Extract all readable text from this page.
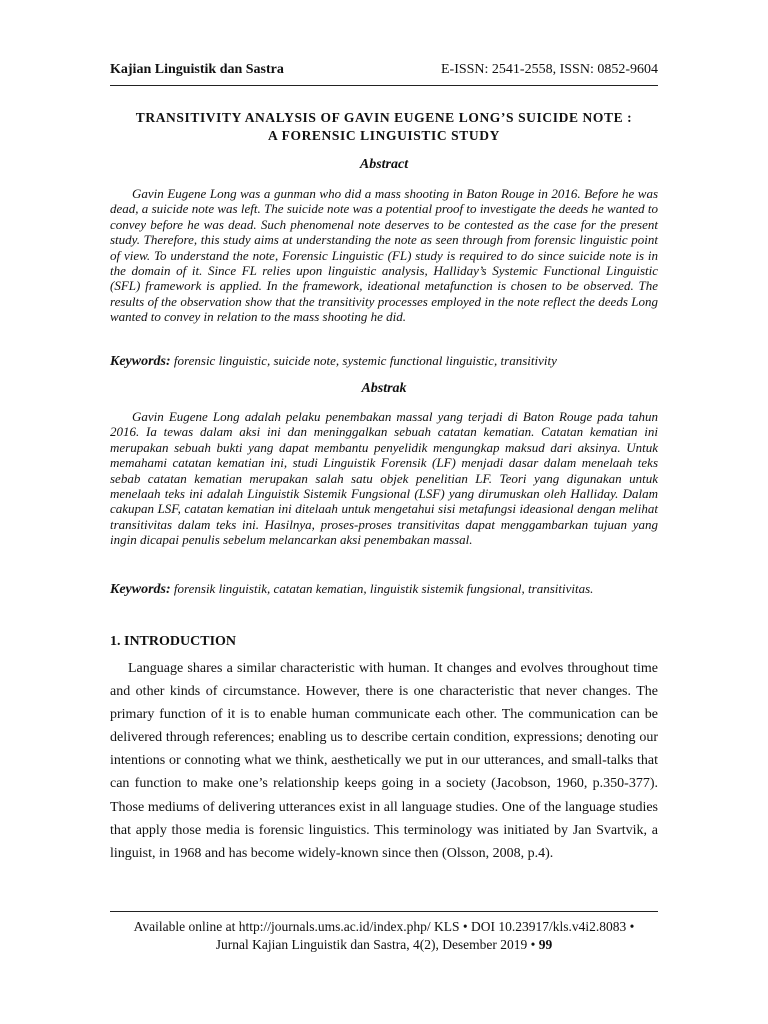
Kajian Linguistik dan Sastra	E-ISSN: 2541-2558, ISSN: 0852-9604
TRANSITIVITY ANALYSIS OF GAVIN EUGENE LONG’S SUICIDE NOTE :
A FORENSIC LINGUISTIC STUDY
Abstract

Gavin Eugene Long was a gunman who did a mass shooting in Baton Rouge in 2016. Before he was dead, a suicide note was left. The suicide note was a potential proof to investigate the deeds he wanted to convey before he was dead. Such phenomenal note deserves to be contested as the case for the present study. Therefore, this study aims at understanding the note as seen through from forensic linguistic point of view. To understand the note, Forensic Linguistic (FL) study is required to do since suicide note is in the domain of it. Since FL relies upon linguistic analysis, Halliday’s Systemic Functional Linguistic (SFL) framework is applied. In the framework, ideational metafunction is chosen to be observed. The results of the observation show that the transitivity processes employed in the note reflect the deeds Long wanted to convey in relation to the mass shooting he did.

Keywords: forensic linguistic, suicide note, systemic functional linguistic, transitivity
Abstrak

Gavin Eugene Long adalah pelaku penembakan massal yang terjadi di Baton Rouge pada tahun 2016. Ia tewas dalam aksi ini dan meninggalkan sebuah catatan kematian. Catatan kematian ini merupakan sebuah bukti yang dapat membantu penyelidik mengungkap maksud dari aksinya. Untuk memahami catatan kematian ini, studi Linguistik Forensik (LF) menjadi dasar dalam menelaah teks sebab catatan kematian merupakan salah satu objek penelitian LF. Teori yang digunakan untuk menelaah teks ini adalah Linguistik Sistemik Fungsional (LSF) yang dirumuskan oleh Halliday. Dalam cakupan LSF, catatan kematian ini ditelaah untuk mengetahui sisi metafungsi ideasional dengan melihat transitivitas dalam teks ini. Hasilnya, proses-proses transitivitas dapat menggambarkan tujuan yang ingin dicapai penulis sebelum melancarkan aksi penembakan massal.

Keywords: forensik linguistik, catatan kematian, linguistik sistemik fungsional, transitivitas.
1. INTRODUCTION

Language shares a similar characteristic with human. It changes and evolves throughout time and other kinds of circumstance. However, there is one characteristic that never changes. The primary function of it is to enable human communicate each other. The communication can be delivered through references; enabling us to describe certain condition, expressions; denoting our intentions or connoting what we think, aesthetically we put in our utterances, and small-talks that can function to make one’s relationship keeps going in a society (Jacobson, 1960, p.350-377). Those mediums of delivering utterances exist in all language studies. One of the language studies that apply those media is forensic linguistics. This terminology was initiated by Jan Svartvik, a linguist, in 1968 and has become widely-known since then (Olsson, 2008, p.4).

Available online at http://journals.ums.ac.id/index.php/ KLS • DOI 10.23917/kls.v4i2.8083 •
Jurnal Kajian Linguistik dan Sastra, 4(2), Desember 2019 • 99
